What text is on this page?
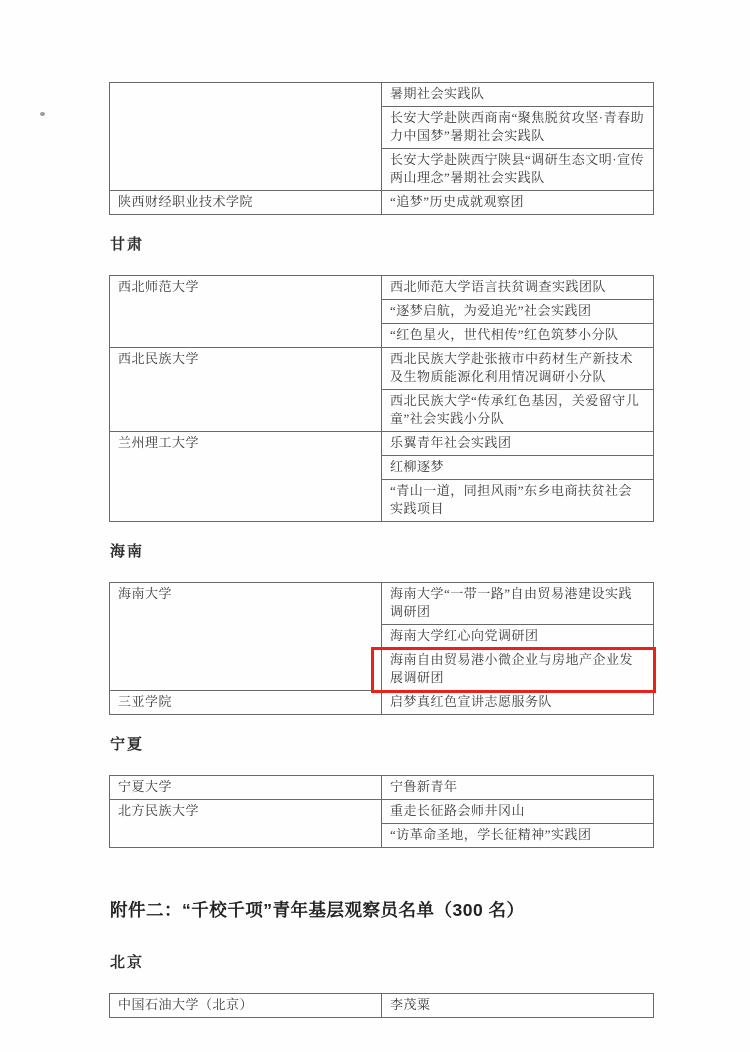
	暑期社会实践队
	长安大学赴陕西商南“聚焦脱贫攻坚·青春助力中国梦”暑期社会实践队
	长安大学赴陕西宁陕县“调研生态文明·宣传两山理念”暑期社会实践队
陕西财经职业技术学院	“追梦”历史成就观察团
甘肃
西北师范大学	西北师范大学语言扶贫调查实践团队
	“逐梦启航，为爱追光”社会实践团
	“红色星火，世代相传”红色筑梦小分队
西北民族大学	西北民族大学赴张掖市中药材生产新技术及生物质能源化利用情况调研小分队
	西北民族大学“传承红色基因，关爱留守儿童”社会实践小分队
兰州理工大学	乐翼青年社会实践团
	红柳逐梦
	“青山一道，同担风雨”东乡电商扶贫社会实践项目
海南
海南大学	海南大学“一带一路”自由贸易港建设实践调研团
	海南大学红心向党调研团
	海南自由贸易港小微企业与房地产企业发展调研团

三亚学院	启梦真红色宣讲志愿服务队
宁夏
宁夏大学	宁鲁新青年
北方民族大学	重走长征路会师井冈山
	“访革命圣地，学长征精神”实践团
附件二：“千校千项”青年基层观察员名单（300 名）
北京
中国石油大学（北京）	李茂粟
